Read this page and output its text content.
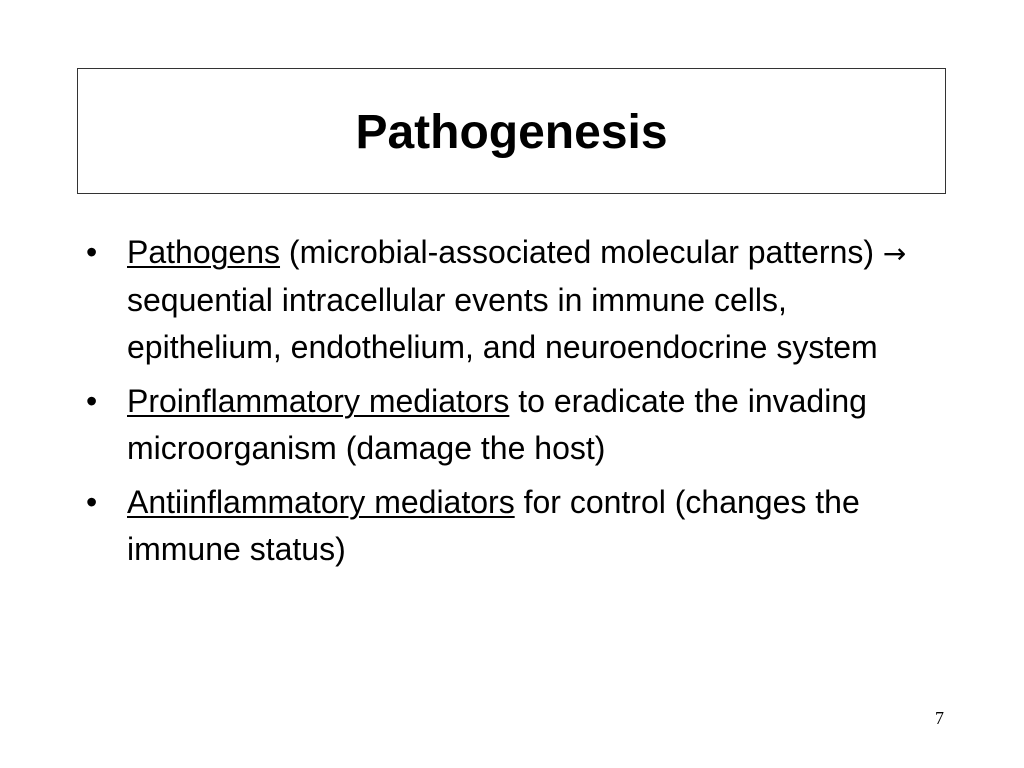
Pathogenesis
• Pathogens (microbial-associated molecular patterns) → sequential intracellular events in immune cells, epithelium, endothelium, and neuroendocrine system
• Proinflammatory mediators to eradicate the invading microorganism (damage the host)
• Antiinflammatory mediators for control (changes the immune status)
7
